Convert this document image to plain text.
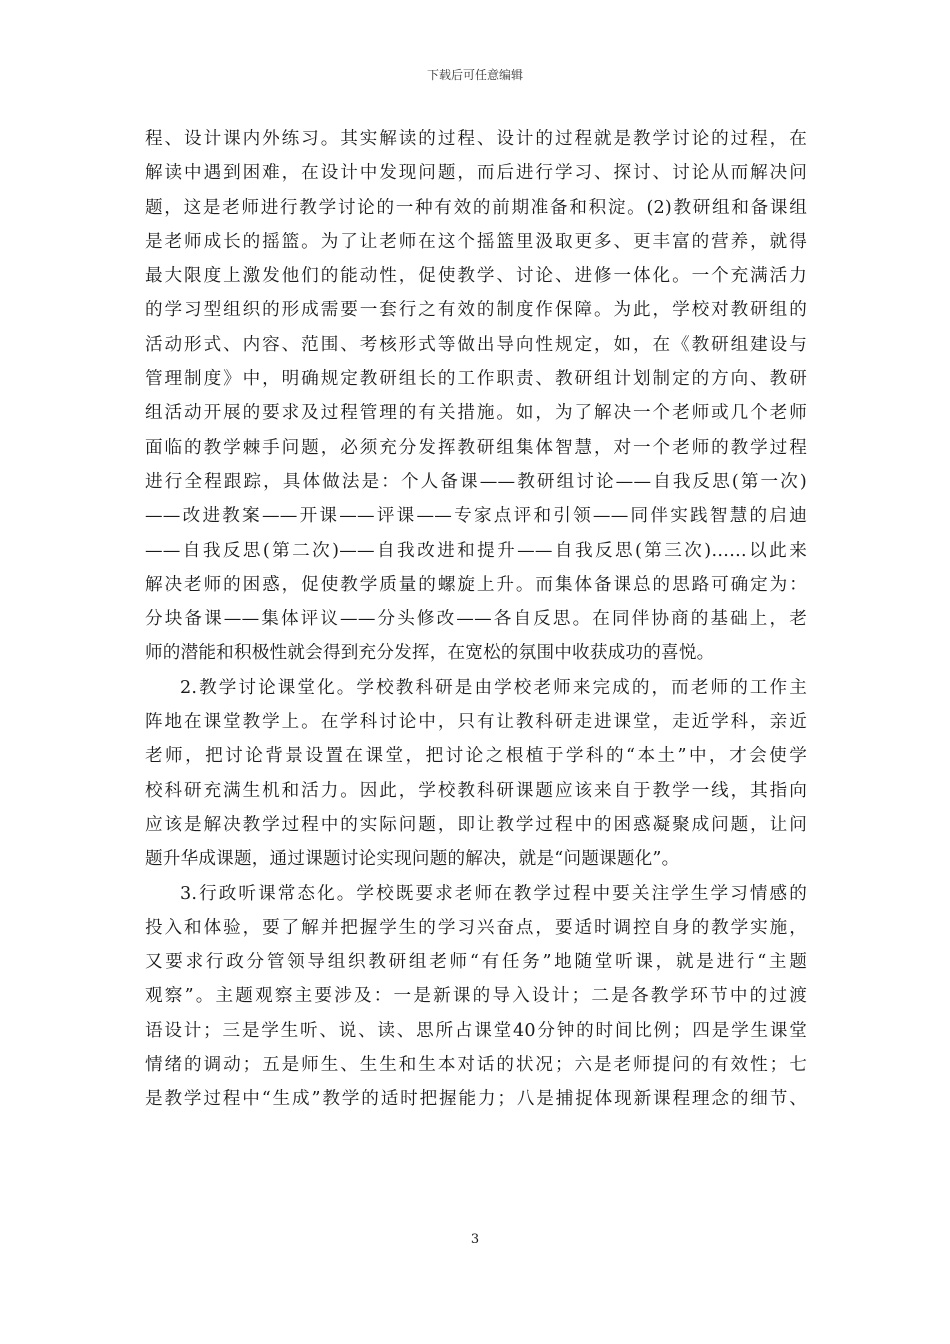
下载后可任意编辑
程、设计课内外练习。其实解读的过程、设计的过程就是教学讨论的过程，在
解读中遇到困难，在设计中发现问题，而后进行学习、探讨、讨论从而解决问
题，这是老师进行教学讨论的一种有效的前期准备和积淀。(2)教研组和备课组
是老师成长的摇篮。为了让老师在这个摇篮里汲取更多、更丰富的营养，就得
最大限度上激发他们的能动性，促使教学、讨论、进修一体化。一个充满活力
的学习型组织的形成需要一套行之有效的制度作保障。为此，学校对教研组的
活动形式、内容、范围、考核形式等做出导向性规定，如，在《教研组建设与
管理制度》中，明确规定教研组长的工作职责、教研组计划制定的方向、教研
组活动开展的要求及过程管理的有关措施。如，为了解决一个老师或几个老师
面临的教学棘手问题，必须充分发挥教研组集体智慧，对一个老师的教学过程
进行全程跟踪，具体做法是：个人备课——教研组讨论——自我反思(第一次)
——改进教案——开课——评课——专家点评和引领——同伴实践智慧的启迪
——自我反思(第二次)——自我改进和提升——自我反思(第三次)……以此来
解决老师的困惑，促使教学质量的螺旋上升。而集体备课总的思路可确定为：
分块备课——集体评议——分头修改——各自反思。在同伴协商的基础上，老
师的潜能和积极性就会得到充分发挥，在宽松的氛围中收获成功的喜悦。
2.教学讨论课堂化。学校教科研是由学校老师来完成的，而老师的工作主
阵地在课堂教学上。在学科讨论中，只有让教科研走进课堂，走近学科，亲近
老师，把讨论背景设置在课堂，把讨论之根植于学科的“本土”中，才会使学
校科研充满生机和活力。因此，学校教科研课题应该来自于教学一线，其指向
应该是解决教学过程中的实际问题，即让教学过程中的困惑凝聚成问题，让问
题升华成课题，通过课题讨论实现问题的解决，就是“问题课题化”。
3.行政听课常态化。学校既要求老师在教学过程中要关注学生学习情感的
投入和体验，要了解并把握学生的学习兴奋点，要适时调控自身的教学实施，
又要求行政分管领导组织教研组老师“有任务”地随堂听课，就是进行“主题
观察”。主题观察主要涉及：一是新课的导入设计；二是各教学环节中的过渡
语设计；三是学生听、说、读、思所占课堂40分钟的时间比例；四是学生课堂
情绪的调动；五是师生、生生和生本对话的状况；六是老师提问的有效性；七
是教学过程中“生成”教学的适时把握能力；八是捕捉体现新课程理念的细节、
3
